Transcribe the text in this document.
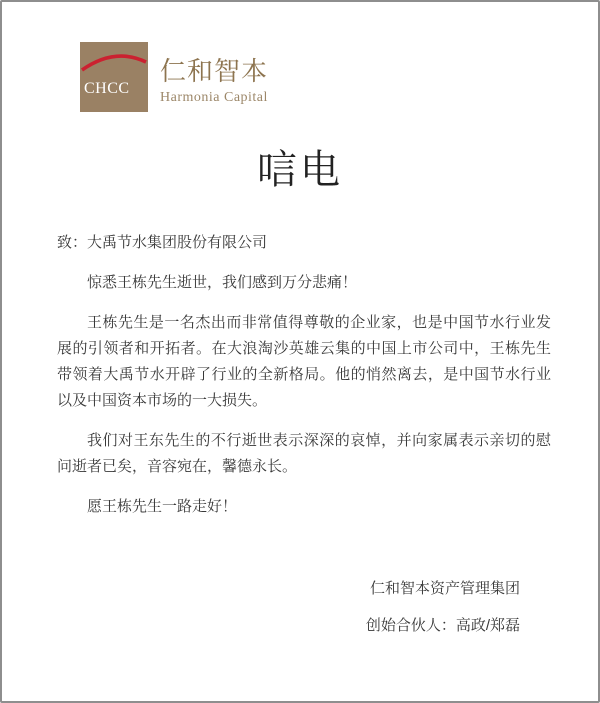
CHCC
仁和智本
Harmonia Capital
唁电

致：大禹节水集团股份有限公司

惊悉王栋先生逝世，我们感到万分悲痛！

王栋先生是一名杰出而非常值得尊敬的企业家，也是中国节水行业发展的引领者和开拓者。在大浪淘沙英雄云集的中国上市公司中，王栋先生带领着大禹节水开辟了行业的全新格局。他的悄然离去，是中国节水行业以及中国资本市场的一大损失。

我们对王东先生的不行逝世表示深深的哀悼，并向家属表示亲切的慰问逝者已矣，音容宛在，馨德永长。

愿王栋先生一路走好！

仁和智本资产管理集团

创始合伙人：高政/郑磊
